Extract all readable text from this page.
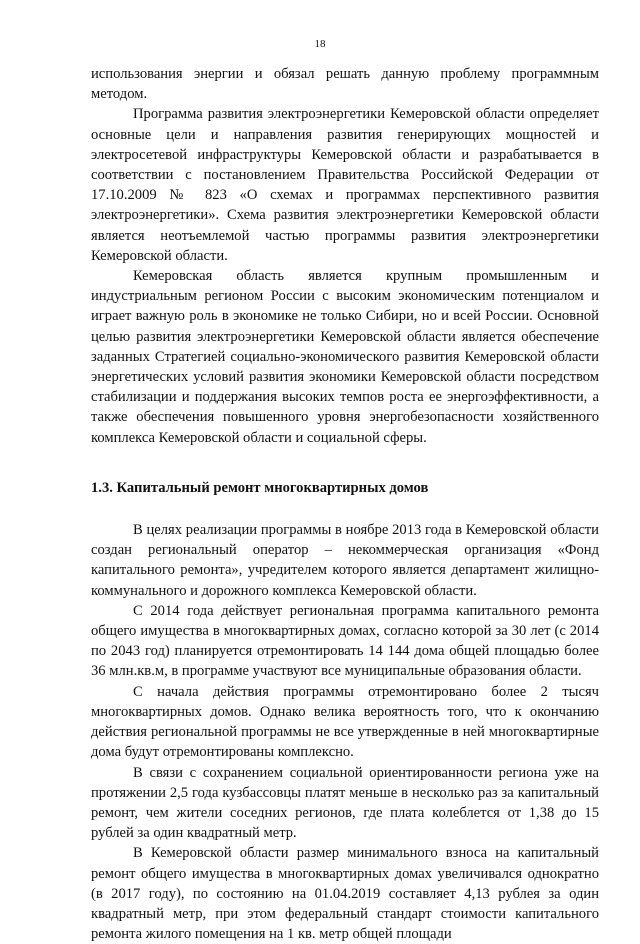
18

использования энергии и обязал решать данную проблему программным методом.

Программа развития электроэнергетики Кемеровской области определяет основные цели и направления развития генерирующих мощностей и электросетевой инфраструктуры Кемеровской области и разрабатывается в соответствии с постановлением Правительства Российской Федерации от 17.10.2009 № 823 «О схемах и программах перспективного развития электроэнергетики». Схема развития электроэнергетики Кемеровской области является неотъемлемой частью программы развития электроэнергетики Кемеровской области.

Кемеровская область является крупным промышленным и индустриальным регионом России с высоким экономическим потенциалом и играет важную роль в экономике не только Сибири, но и всей России. Основной целью развития электроэнергетики Кемеровской области является обеспечение заданных Стратегией социально-экономического развития Кемеровской области энергетических условий развития экономики Кемеровской области посредством стабилизации и поддержания высоких темпов роста ее энергоэффективности, а также обеспечения повышенного уровня энергобезопасности хозяйственного комплекса Кемеровской области и социальной сферы.

1.3. Капитальный ремонт многоквартирных домов

В целях реализации программы в ноябре 2013 года в Кемеровской области создан региональный оператор – некоммерческая организация «Фонд капитального ремонта», учредителем которого является департамент жилищно-коммунального и дорожного комплекса Кемеровской области.

С 2014 года действует региональная программа капитального ремонта общего имущества в многоквартирных домах, согласно которой за 30 лет (с 2014 по 2043 год) планируется отремонтировать 14 144 дома общей площадью более 36 млн.кв.м, в программе участвуют все муниципальные образования области.

С начала действия программы отремонтировано более 2 тысяч многоквартирных домов. Однако велика вероятность того, что к окончанию действия региональной программы не все утвержденные в ней многоквартирные дома будут отремонтированы комплексно.

В связи с сохранением социальной ориентированности региона уже на протяжении 2,5 года кузбассовцы платят меньше в несколько раз за капитальный ремонт, чем жители соседних регионов, где плата колеблется от 1,38 до 15 рублей за один квадратный метр.

В Кемеровской области размер минимального взноса на капитальный ремонт общего имущества в многоквартирных домах увеличивался однократно (в 2017 году), по состоянию на 01.04.2019 составляет 4,13 рублея за один квадратный метр, при этом федеральный стандарт стоимости капитального ремонта жилого помещения на 1 кв. метр общей площади
